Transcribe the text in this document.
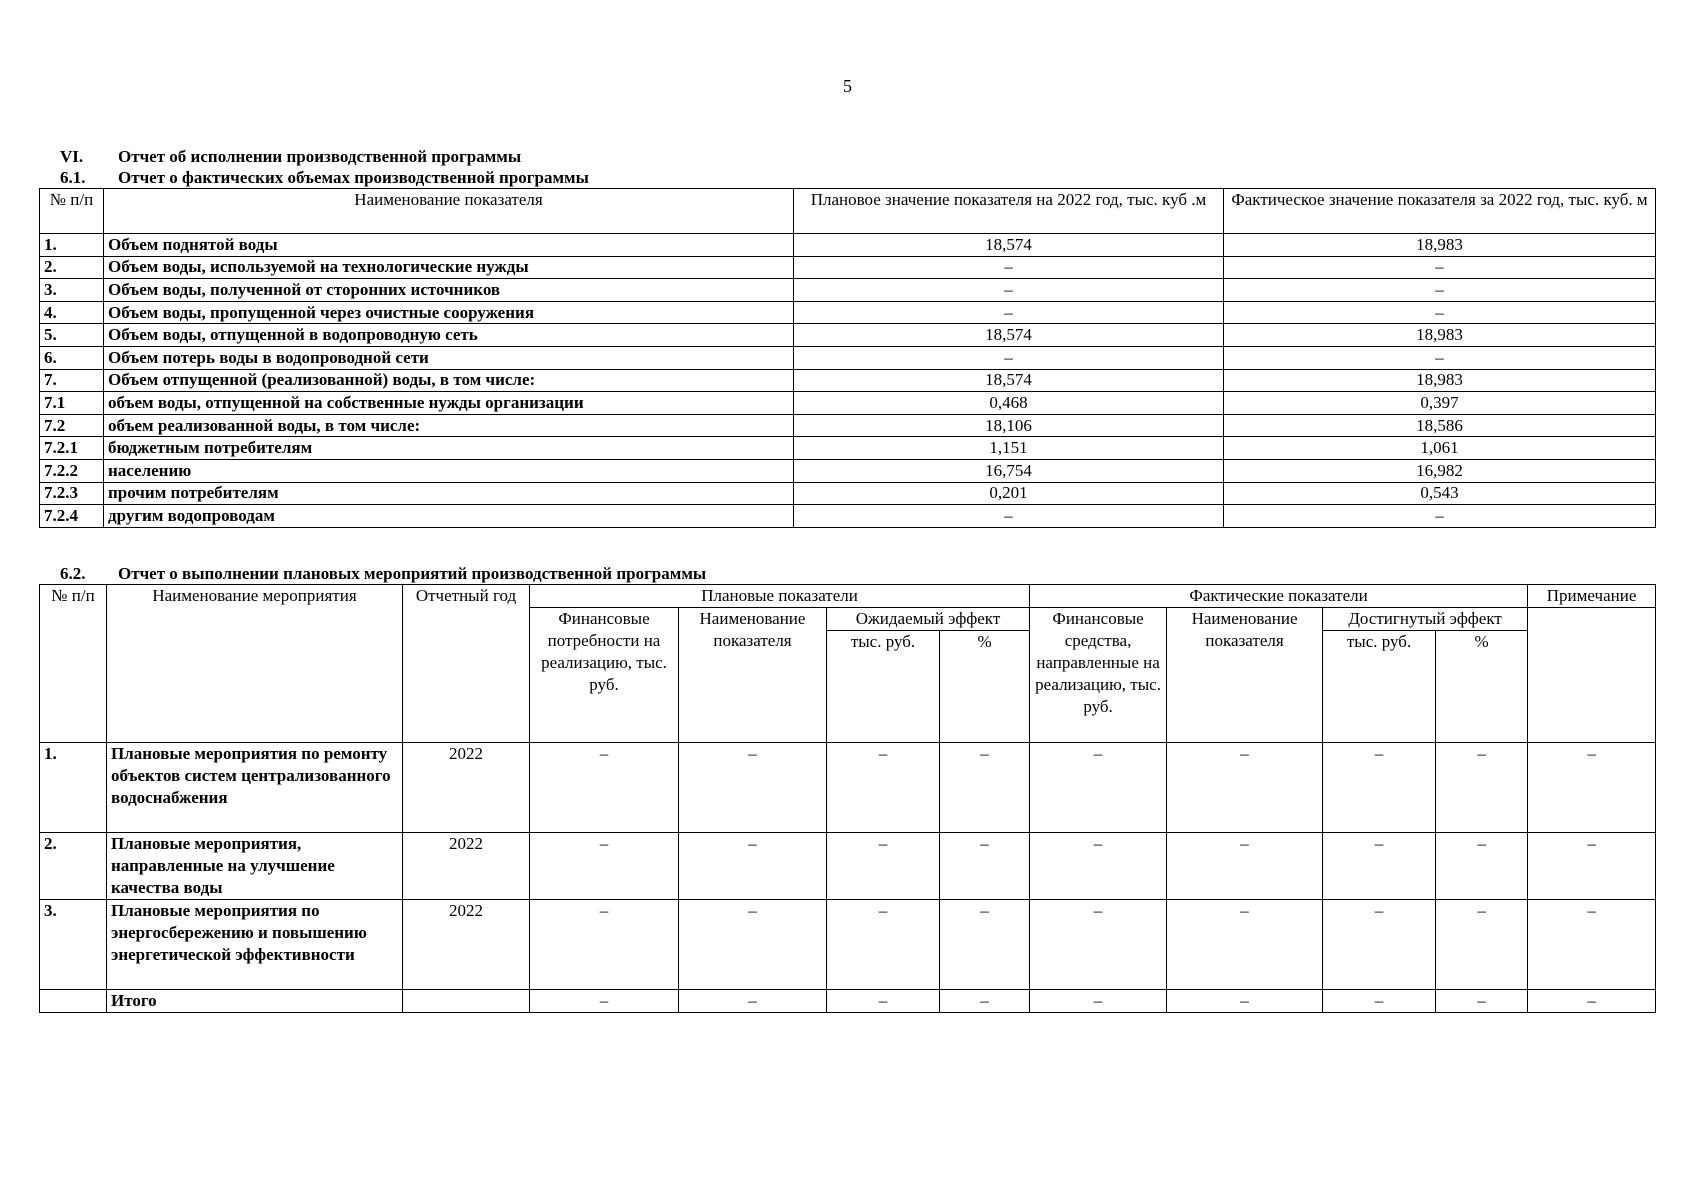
5
VI. Отчет об исполнении производственной программы
6.1. Отчет о фактических объемах производственной программы
№ п/п	Наименование показателя	Плановое значение показателя на 2022 год, тыс. куб .м	Фактическое значение показателя за 2022 год, тыс. куб. м
1.	Объем поднятой воды	18,574	18,983
2.	Объем воды, используемой на технологические нужды	–	–
3.	Объем воды, полученной от сторонних источников	–	–
4.	Объем воды, пропущенной через очистные сооружения	–	–
5.	Объем воды, отпущенной в водопроводную сеть	18,574	18,983
6.	Объем потерь воды в водопроводной сети	–	–
7.	Объем отпущенной (реализованной) воды, в том числе:	18,574	18,983
7.1	объем воды, отпущенной на собственные нужды организации	0,468	0,397
7.2	объем реализованной воды, в том числе:	18,106	18,586
7.2.1	бюджетным потребителям	1,151	1,061
7.2.2	населению	16,754	16,982
7.2.3	прочим потребителям	0,201	0,543
7.2.4	другим водопроводам	–	–
6.2. Отчет о выполнении плановых мероприятий производственной программы
№ п/п	Наименование мероприятия	Отчетный год	Плановые показатели				Фактические показатели				Примечание
			Финансовые потребности на реализацию, тыс. руб.	Наименование показателя	Ожидаемый эффект		Финансовые средства, направленные на реализацию, тыс. руб.	Наименование показателя	Достигнутый эффект		
					тыс. руб.	%			тыс. руб.	%	
1.	Плановые мероприятия по ремонту объектов систем централизованного водоснабжения	2022	–	–	–	–	–	–	–	–	–
2.	Плановые мероприятия, направленные на улучшение качества воды	2022	–	–	–	–	–	–	–	–	–
3.	Плановые мероприятия по энергосбережению и повышению энергетической эффективности	2022	–	–	–	–	–	–	–	–	–
	Итого		–	–	–	–	–	–	–	–	–
